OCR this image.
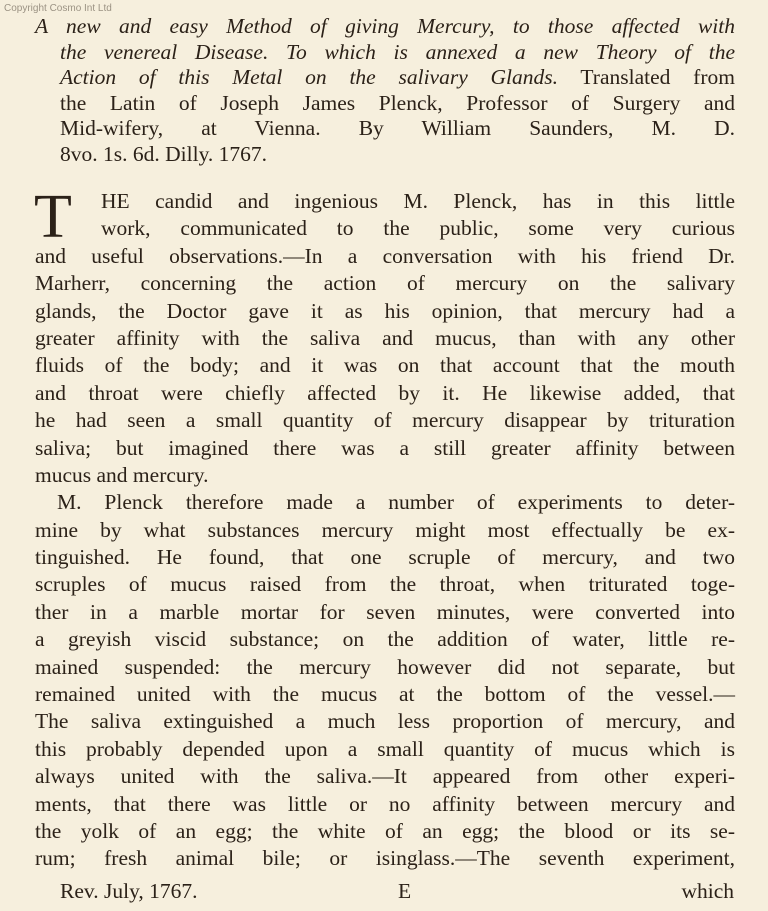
Copyright Cosmo Int Ltd
A new and easy Method of giving Mercury, to those affected with
the venereal Disease. To which is annexed a new Theory of the
Action of this Metal on the salivary Glands. Translated from
the Latin of Joseph James Plenck, Professor of Surgery and
Mid-wifery, at Vienna. By William Saunders, M. D.
8vo. 1s. 6d. Dilly. 1767.
T HE candid and ingenious M. Plenck, has in this little
work, communicated to the public, some very curious
and useful observations.—In a conversation with his friend Dr.
Marherr, concerning the action of mercury on the salivary
glands, the Doctor gave it as his opinion, that mercury had a
greater affinity with the saliva and mucus, than with any other
fluids of the body; and it was on that account that the mouth
and throat were chiefly affected by it. He likewise added, that
he had seen a small quantity of mercury disappear by trituration
saliva; but imagined there was a still greater affinity between
mucus and mercury.
M. Plenck therefore made a number of experiments to deter-
mine by what substances mercury might most effectually be ex-
tinguished. He found, that one scruple of mercury, and two
scruples of mucus raised from the throat, when triturated toge-
ther in a marble mortar for seven minutes, were converted into
a greyish viscid substance; on the addition of water, little re-
mained suspended: the mercury however did not separate, but
remained united with the mucus at the bottom of the vessel.—
The saliva extinguished a much less proportion of mercury, and
this probably depended upon a small quantity of mucus which is
always united with the saliva.—It appeared from other experi-
ments, that there was little or no affinity between mercury and
the yolk of an egg; the white of an egg; the blood or its se-
rum; fresh animal bile; or isinglass.—The seventh experiment,
Rev. July, 1767.	E	which
